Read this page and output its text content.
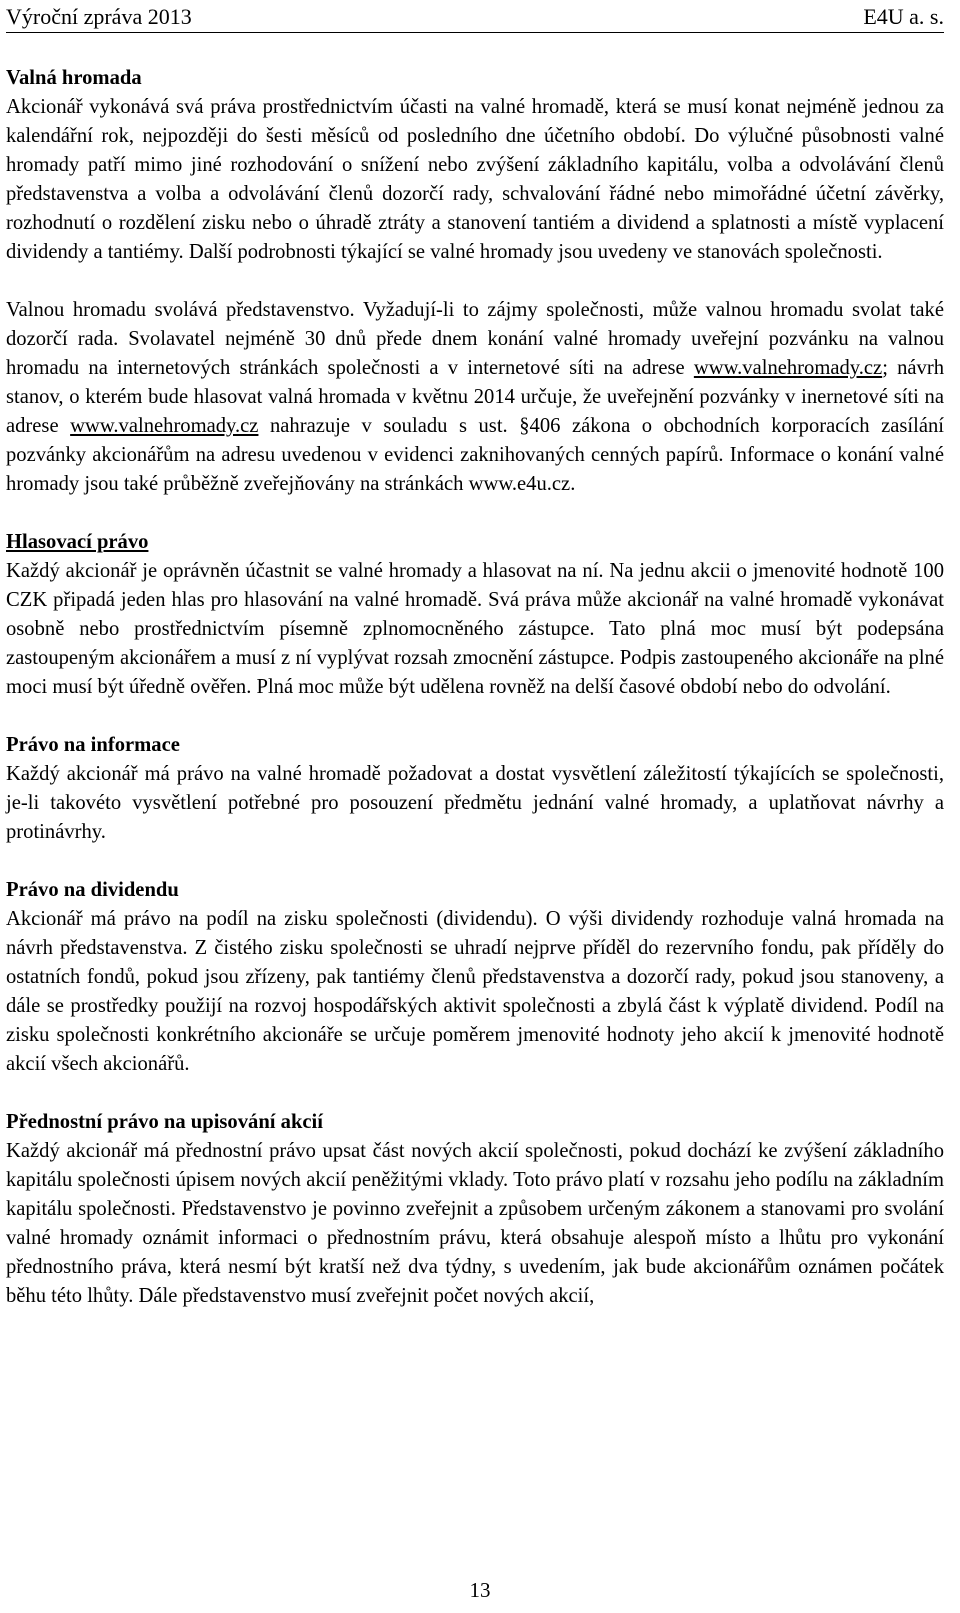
Výroční zpráva 2013	E4U a. s.
Valná hromada

Akcionář vykonává svá práva prostřednictvím účasti na valné hromadě, která se musí konat nejméně jednou za kalendářní rok, nejpozději do šesti měsíců od posledního dne účetního období. Do výlučné působnosti valné hromady patří mimo jiné rozhodování o snížení nebo zvýšení základního kapitálu, volba a odvolávání členů představenstva a volba a odvolávání členů dozorčí rady, schvalování řádné nebo mimořádné účetní závěrky, rozhodnutí o rozdělení zisku nebo o úhradě ztráty a stanovení tantiém a dividend a splatnosti a místě vyplacení dividendy a tantiémy. Další podrobnosti týkající se valné hromady jsou uvedeny ve stanovách společnosti.

Valnou hromadu svolává představenstvo. Vyžadují-li to zájmy společnosti, může valnou hromadu svolat také dozorčí rada. Svolavatel nejméně 30 dnů přede dnem konání valné hromady uveřejní pozvánku na valnou hromadu na internetových stránkách společnosti a v internetové síti na adrese www.valnehromady.cz; návrh stanov, o kterém bude hlasovat valná hromada v květnu 2014 určuje, že uveřejnění pozvánky v inernetové síti na adrese www.valnehromady.cz nahrazuje v souladu s ust. §406 zákona o obchodních korporacích zasílání pozvánky akcionářům na adresu uvedenou v evidenci zaknihovaných cenných papírů. Informace o konání valné hromady jsou také průběžně zveřejňovány na stránkách www.e4u.cz.

Hlasovací právo

Každý akcionář je oprávněn účastnit se valné hromady a hlasovat na ní. Na jednu akcii o jmenovité hodnotě 100 CZK připadá jeden hlas pro hlasování na valné hromadě. Svá práva může akcionář na valné hromadě vykonávat osobně nebo prostřednictvím písemně zplnomocněného zástupce. Tato plná moc musí být podepsána zastoupeným akcionářem a musí z ní vyplývat rozsah zmocnění zástupce. Podpis zastoupeného akcionáře na plné moci musí být úředně ověřen. Plná moc může být udělena rovněž na delší časové období nebo do odvolání.

Právo na informace

Každý akcionář má právo na valné hromadě požadovat a dostat vysvětlení záležitostí týkajících se společnosti, je-li takovéto vysvětlení potřebné pro posouzení předmětu jednání valné hromady, a uplatňovat návrhy a protinávrhy.

Právo na dividendu

Akcionář má právo na podíl na zisku společnosti (dividendu). O výši dividendy rozhoduje valná hromada na návrh představenstva. Z čistého zisku společnosti se uhradí nejprve příděl do rezervního fondu, pak příděly do ostatních fondů, pokud jsou zřízeny, pak tantiémy členů představenstva a dozorčí rady, pokud jsou stanoveny, a dále se prostředky použijí na rozvoj hospodářských aktivit společnosti a zbylá část k výplatě dividend. Podíl na zisku společnosti konkrétního akcionáře se určuje poměrem jmenovité hodnoty jeho akcií k jmenovité hodnotě akcií všech akcionářů.

Přednostní právo na upisování akcií

Každý akcionář má přednostní právo upsat část nových akcií společnosti, pokud dochází ke zvýšení základního kapitálu společnosti úpisem nových akcií peněžitými vklady. Toto právo platí v rozsahu jeho podílu na základním kapitálu společnosti. Představenstvo je povinno zveřejnit a způsobem určeným zákonem a stanovami pro svolání valné hromady oznámit informaci o přednostním právu, která obsahuje alespoň místo a lhůtu pro vykonání přednostního práva, která nesmí být kratší než dva týdny, s uvedením, jak bude akcionářům oznámen počátek běhu této lhůty. Dále představenstvo musí zveřejnit počet nových akcií,

13
